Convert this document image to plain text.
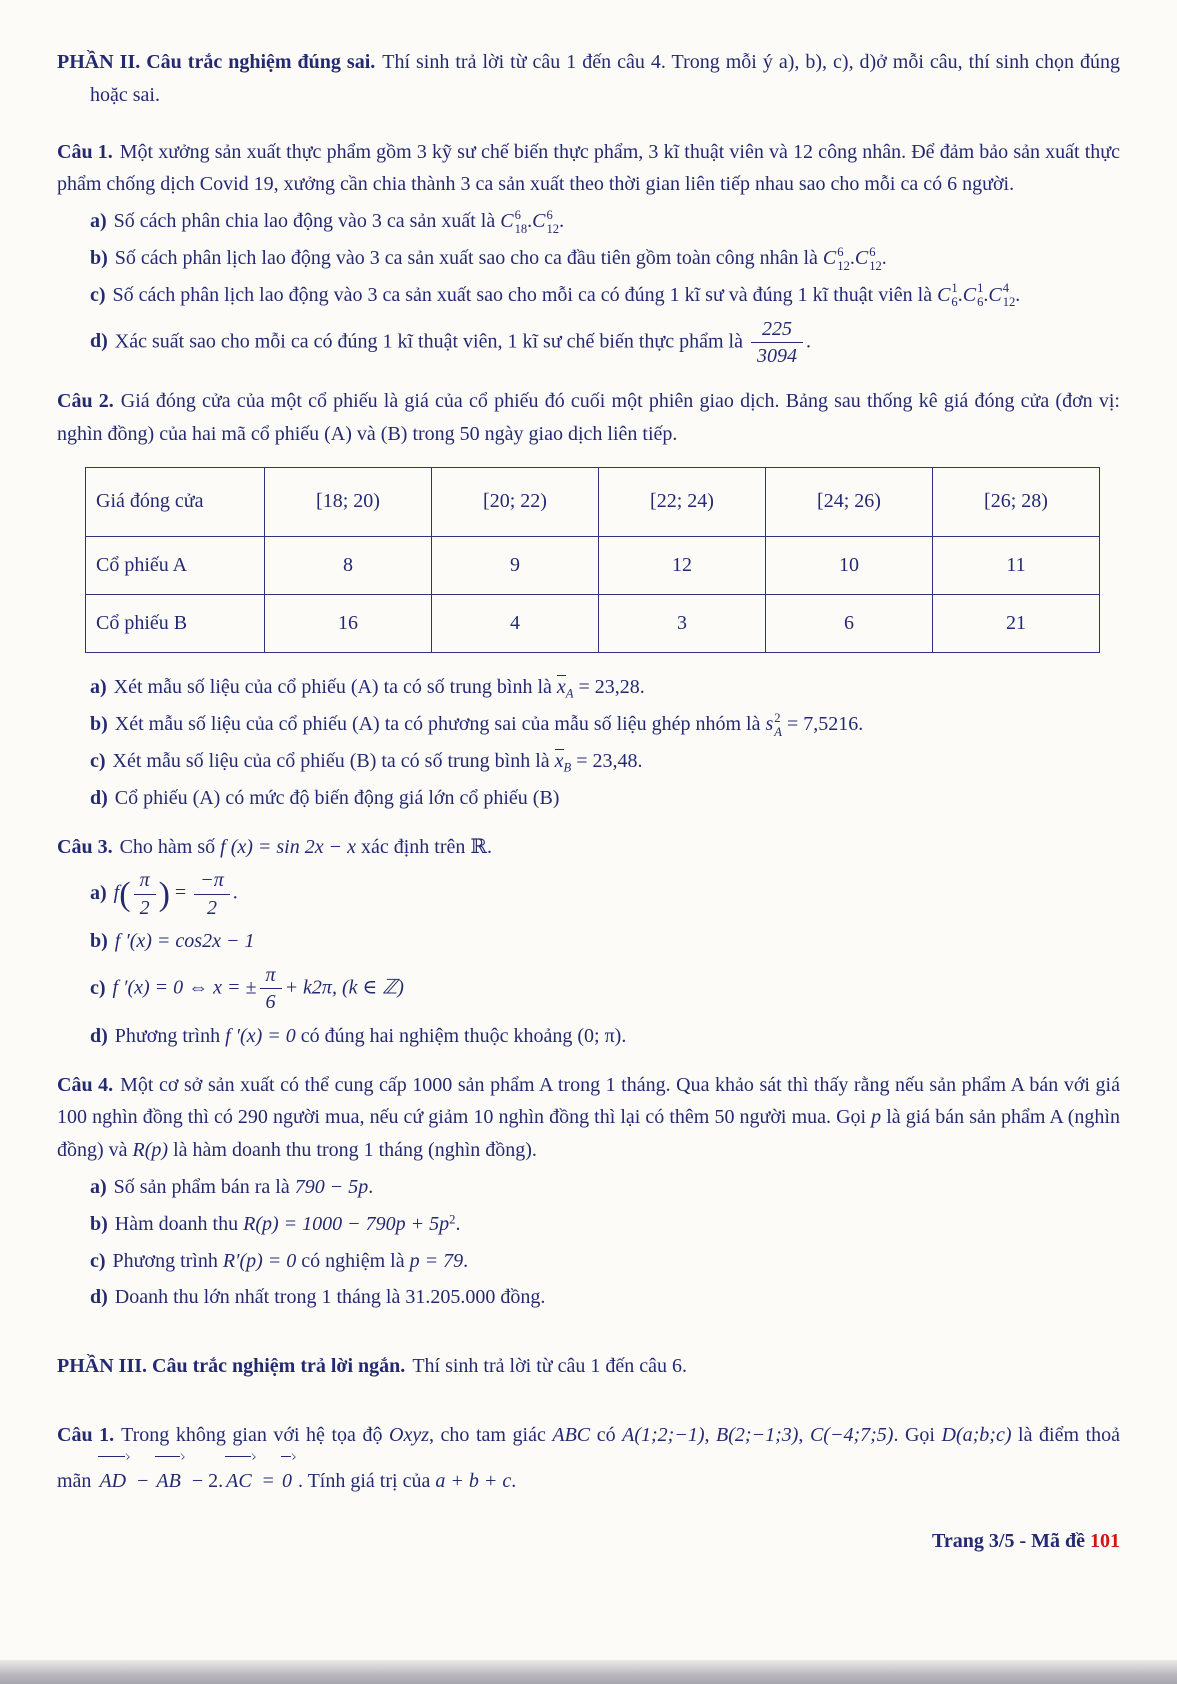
PHẦN II. Câu trắc nghiệm đúng sai. Thí sinh trả lời từ câu 1 đến câu 4. Trong mỗi ý a), b), c), d)ở mỗi câu, thí sinh chọn đúng hoặc sai.

Câu 1. Một xưởng sản xuất thực phẩm gồm 3 kỹ sư chế biến thực phẩm, 3 kĩ thuật viên và 12 công nhân. Để đảm bảo sản xuất thực phẩm chống dịch Covid 19, xưởng cần chia thành 3 ca sản xuất theo thời gian liên tiếp nhau sao cho mỗi ca có 6 người.

a) Số cách phân chia lao động vào 3 ca sản xuất là C 6
18 .C 6
12 .

b) Số cách phân lịch lao động vào 3 ca sản xuất sao cho ca đầu tiên gồm toàn công nhân là C 6
12 .C 6
12 .

c) Số cách phân lịch lao động vào 3 ca sản xuất sao cho mỗi ca có đúng 1 kĩ sư và đúng 1 kĩ thuật viên là C 1
6 .C 1
6 .C 4
12 .

d) Xác suất sao cho mỗi ca có đúng 1 kĩ thuật viên, 1 kĩ sư chế biến thực phẩm là $\frac{225}{3094}$ .

Câu 2. Giá đóng cửa của một cổ phiếu là giá của cổ phiếu đó cuối một phiên giao dịch. Bảng sau thống kê giá đóng cửa (đơn vị: nghìn đồng) của hai mã cổ phiếu (A) và (B) trong 50 ngày giao dịch liên tiếp.

Giá đóng cửa	[18; 20)	[20; 22)	[22; 24)	[24; 26)	[26; 28)
Cổ phiếu A	8	9	12	10	11
Cổ phiếu B	16	4	3	6	21

a) Xét mẫu số liệu của cổ phiếu (A) ta có số trung bình là $x_A = 23,28$.

b) Xét mẫu số liệu của cổ phiếu (A) ta có phương sai của mẫu số liệu ghép nhóm là s 2
A = 7,5216.

c) Xét mẫu số liệu của cổ phiếu (B) ta có số trung bình là $x_B = 23,48$.

d) Cổ phiếu (A) có mức độ biến động giá lớn cổ phiếu (B)

Câu 3. Cho hàm số f (x) = sin 2x − x xác định trên ℝ.

a) $f( \frac{\pi}{2}$ ) = $\frac{-\pi}{2}$ .

b) f ′(x) = cos2x − 1

c) f ′(x) = 0 ⇔ x = ± $\frac{\pi}{6} + k2\pi$, (k ∈ ℤ)

d) Phương trình f ′(x) = 0 có đúng hai nghiệm thuộc khoảng (0; π).

Câu 4. Một cơ sở sản xuất có thể cung cấp 1000 sản phẩm A trong 1 tháng. Qua khảo sát thì thấy rằng nếu sản phẩm A bán với giá 100 nghìn đồng thì có 290 người mua, nếu cứ giảm 10 nghìn đồng thì lại có thêm 50 người mua. Gọi p là giá bán sản phẩm A (nghìn đồng) và R(p) là hàm doanh thu trong 1 tháng (nghìn đồng).

a) Số sản phẩm bán ra là 790 − 5p.

b) Hàm doanh thu $R(p) = 1000 - 790p + 5p^2$.

c) Phương trình R′(p) = 0 có nghiệm là p = 79.

d) Doanh thu lớn nhất trong 1 tháng là 31.205.000 đồng.

PHẦN III. Câu trắc nghiệm trả lời ngắn. Thí sinh trả lời từ câu 1 đến câu 6.

Câu 1. Trong không gian với hệ tọa độ Oxyz, cho tam giác ABC có A(1;2;−1), B(2;−1;3), C(−4;7;5). Gọi D(a;b;c) là điểm thoả mãn AD − AB − 2. AC = 0 . Tính giá trị của a + b + c.

Trang 3/5 - Mã đề 101
